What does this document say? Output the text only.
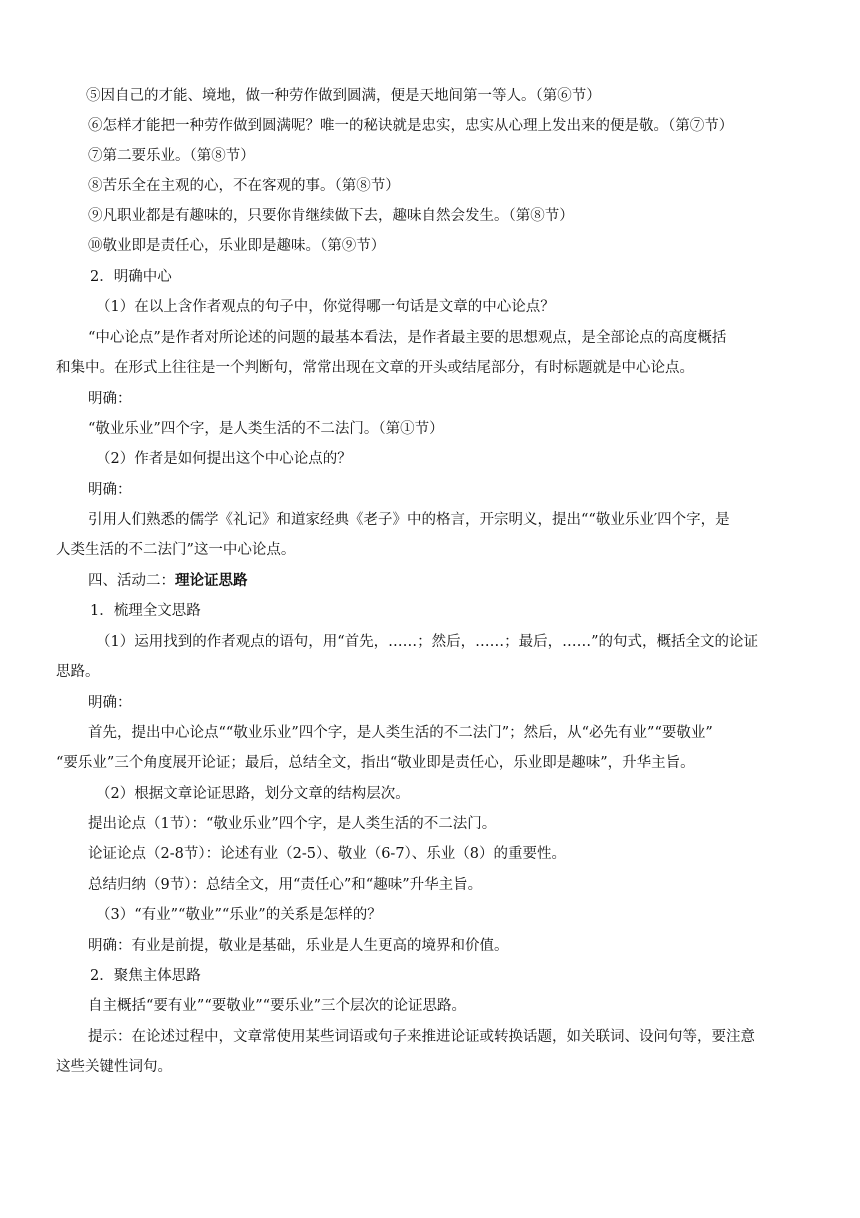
⑤因自己的才能、境地，做一种劳作做到圆满，便是天地间第一等人。（第⑥节）
⑥怎样才能把一种劳作做到圆满呢？唯一的秘诀就是忠实，忠实从心理上发出来的便是敬。（第⑦节）
⑦第二要乐业。（第⑧节）
⑧苦乐全在主观的心，不在客观的事。（第⑧节）
⑨凡职业都是有趣味的，只要你肯继续做下去，趣味自然会发生。（第⑧节）
⑩敬业即是责任心，乐业即是趣味。（第⑨节）
2．明确中心
（1）在以上含作者观点的句子中，你觉得哪一句话是文章的中心论点？
“中心论点”是作者对所论述的问题的最基本看法，是作者最主要的思想观点，是全部论点的高度概括
和集中。在形式上往往是一个判断句，常常出现在文章的开头或结尾部分，有时标题就是中心论点。
明确：
“敬业乐业”四个字，是人类生活的不二法门。（第①节）
（2）作者是如何提出这个中心论点的？
明确：
引用人们熟悉的儒学《礼记》和道家经典《老子》中的格言，开宗明义，提出““敬业乐业′四个字，是
人类生活的不二法门”这一中心论点。
四、活动二：理论证思路
1．梳理全文思路
（1）运用找到的作者观点的语句，用“首先，……；然后，……；最后，……”的句式，概括全文的论证
思路。
明确：
首先，提出中心论点““敬业乐业”四个字，是人类生活的不二法门”；然后，从“必先有业”“要敬业”
“要乐业”三个角度展开论证；最后，总结全文，指出“敬业即是责任心，乐业即是趣味”，升华主旨。
（2）根据文章论证思路，划分文章的结构层次。
提出论点（1节）：“敬业乐业”四个字，是人类生活的不二法门。
论证论点（2-8节）：论述有业（2-5）、敬业（6-7）、乐业（8）的重要性。
总结归纳（9节）：总结全文，用“责任心”和“趣味”升华主旨。
（3）“有业”“敬业”“乐业”的关系是怎样的？
明确：有业是前提，敬业是基础，乐业是人生更高的境界和价值。
2．聚焦主体思路
自主概括“要有业”“要敬业”“要乐业”三个层次的论证思路。
提示：在论述过程中，文章常使用某些词语或句子来推进论证或转换话题，如关联词、设问句等，要注意
这些关键性词句。
